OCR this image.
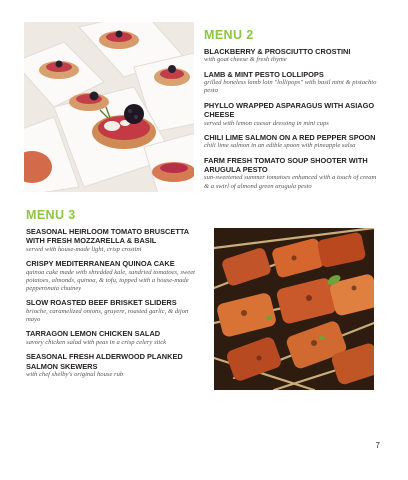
MENU 2

BLACKBERRY & PROSCIUTTO CROSTINI

with goat cheese & fresh thyme

LAMB & MINT PESTO LOLLIPOPS

grilled boneless lamb loin "lollipops" with basil mint & pistachio pesto

PHYLLO WRAPPED ASPARAGUS WITH ASIAGO CHEESE

served with lemon caesar dressing in mini cups

CHILI LIME SALMON ON A RED PEPPER SPOON

chili lime salmon in an edible spoon with pineapple salsa

FARM FRESH TOMATO SOUP SHOOTER WITH ARUGULA PESTO

sun-sweetened summer tomatoes enhanced with a touch of cream & a swirl of almond green arugula pesto

MENU 3

SEASONAL HEIRLOOM TOMATO BRUSCETTA WITH FRESH MOZZARELLA & BASIL

served with house-made light, crisp crostini

CRISPY MEDITERRANEAN QUINOA CAKE

quinoa cake made with shredded kale, sundried tomatoes, sweet potatoes, almonds, quinoa, & tofu, topped with a house-made pepperonata chutney

SLOW ROASTED BEEF BRISKET SLIDERS

brioche, caramelized onions, gruyere, roasted garlic, & dijon mayo

TARRAGON LEMON CHICKEN SALAD

savory chicken salad with peas in a crisp celery stick

SEASONAL FRESH ALDERWOOD PLANKED SALMON SKEWERS

with chef shelby's original house rub

7
